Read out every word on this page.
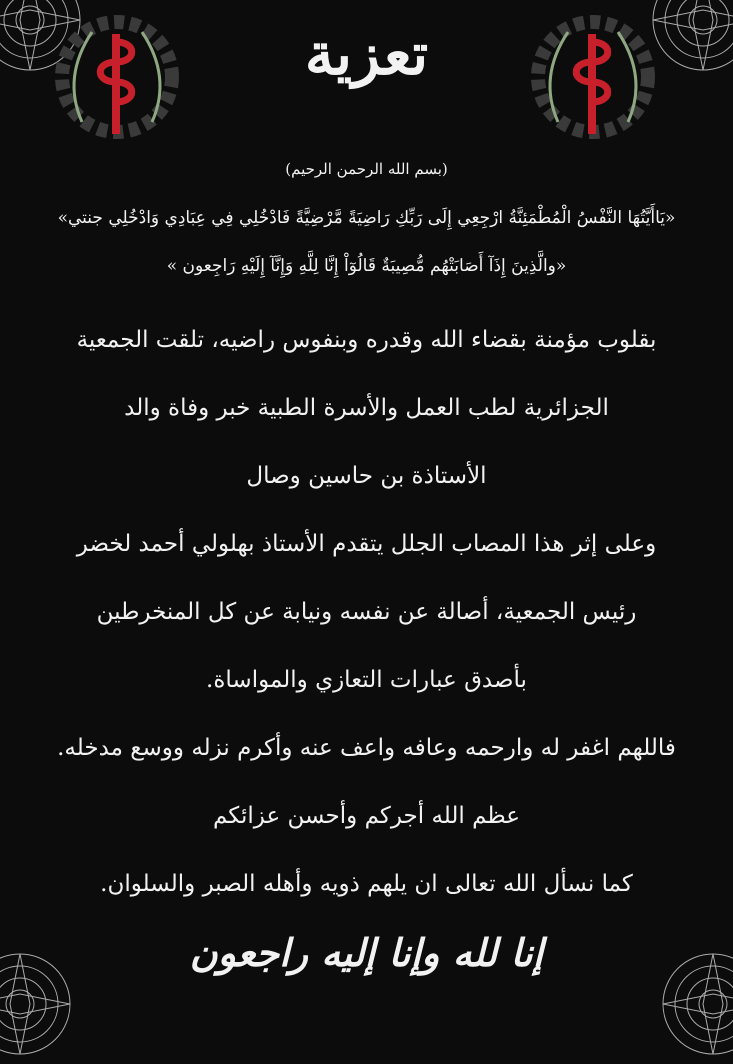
تعزية
(بسم الله الرحمن الرحيم)
«يَاأَيَّتُهَا النَّفْسُ الْمُطْمَئِنَّةُ ارْجِعِي إِلَى رَبِّكِ رَاضِيَةً مَّرْضِيَّةً فَادْخُلِي فِي عِبَادِي وَادْخُلِي جنتي»
«والَّذِينَ إِذَآ أَصَابَتْهُم مُّصِيبَةٌ قَالُوٓاْ إِنَّا لِلَّهِ وَإِنَّآ إِلَيْهِ رَاجِعون »
بقلوب مؤمنة بقضاء الله وقدره وبنفوس راضيه، تلقت الجمعية
الجزائرية لطب العمل والأسرة الطبية خبر وفاة والد
الأستاذة بن حاسين وصال
وعلى إثر هذا المصاب الجلل يتقدم الأستاذ بهلولي أحمد لخضر
رئيس الجمعية، أصالة عن نفسه ونيابة عن كل المنخرطين
بأصدق عبارات التعازي والمواساة.
فاللهم اغفر له وارحمه وعافه واعف عنه وأكرم نزله ووسع مدخله.
عظم الله أجركم وأحسن عزائكم
كما نسأل الله تعالى ان يلهم ذويه وأهله الصبر والسلوان.
إنا لله وإنا إليه راجعون
